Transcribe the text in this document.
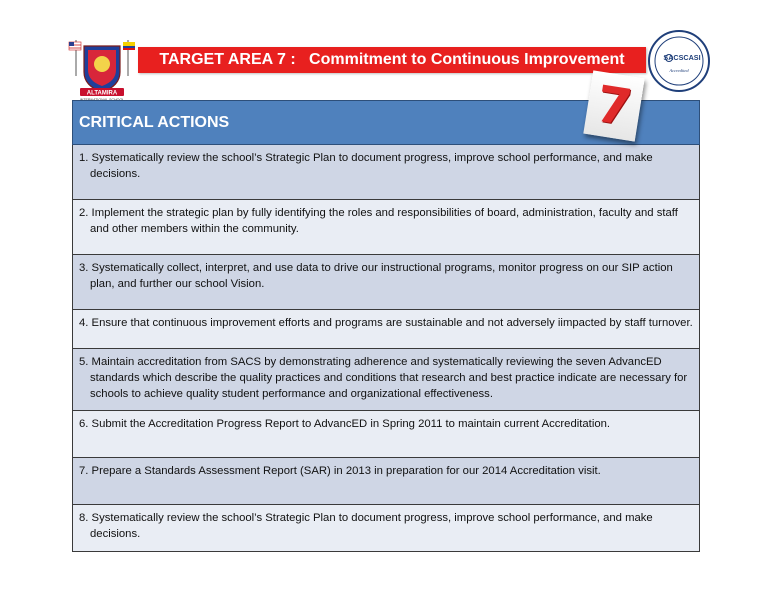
ALTAMIRA
TARGET AREA 7 :   Commitment to Continuous Improvement	SACSCASI
Accredited
7
CRITICAL ACTIONS

1. Systematically review the school’s Strategic Plan to document progress, improve school performance, and make decisions.

2. Implement the strategic plan by fully identifying the roles and responsibilities of board, administration, faculty and staff and other members within the community.

3. Systematically collect, interpret, and use data to drive our instructional programs, monitor progress on our SIP action plan, and further our school Vision.

4. Ensure that continuous improvement efforts and programs are sustainable and not adversely iimpacted by staff turnover.

5. Maintain accreditation from SACS by demonstrating adherence and systematically reviewing the seven AdvancED standards which describe the quality practices and conditions that research and best practice indicate are necessary for schools to achieve quality student performance and organizational effectiveness.

6. Submit the Accreditation Progress Report to AdvancED in Spring 2011 to maintain current Accreditation.

7. Prepare a Standards Assessment Report (SAR) in 2013 in preparation for our 2014 Accreditation visit.

8. Systematically review the school’s Strategic Plan to document progress, improve school performance, and make decisions.
